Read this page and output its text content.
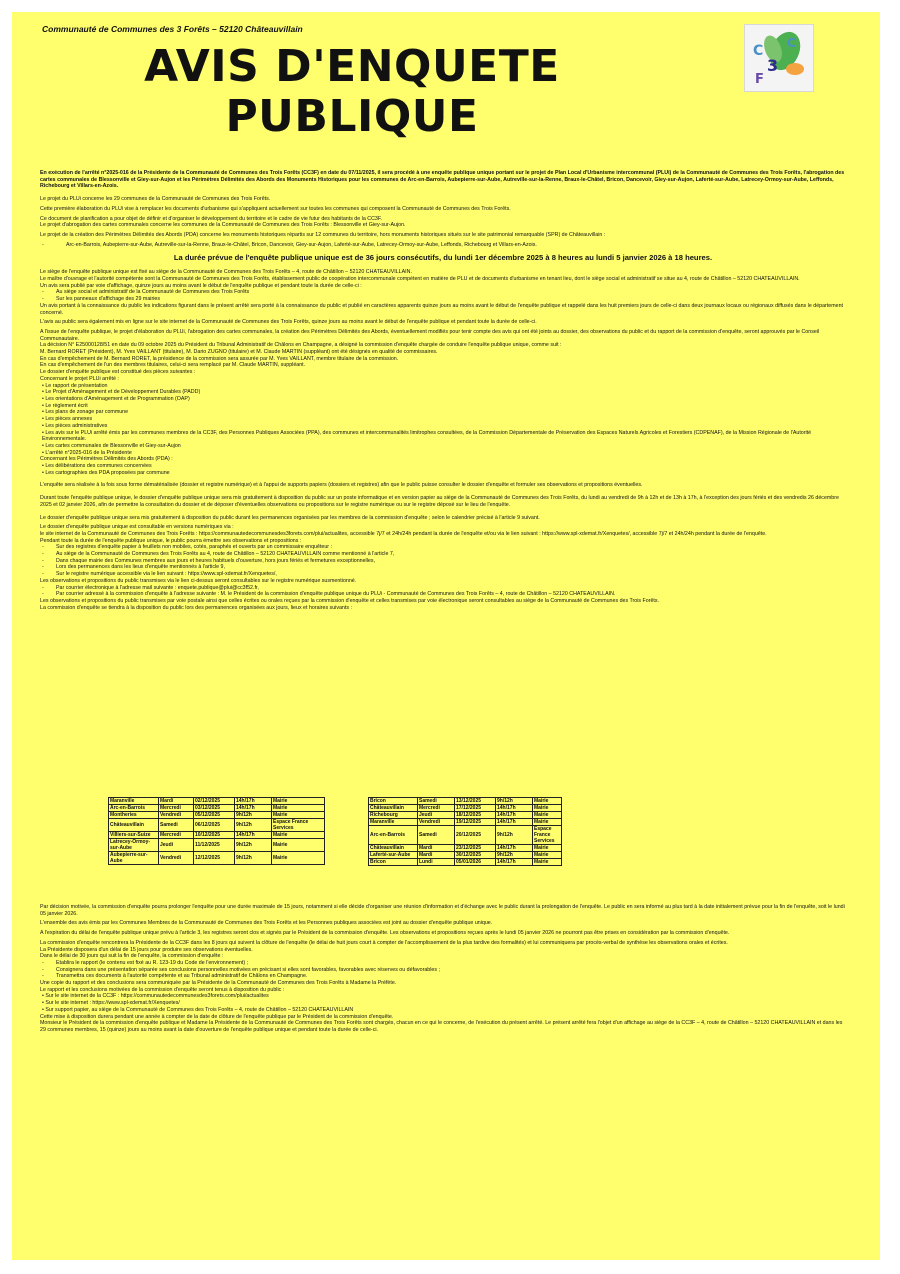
Communauté de Communes des 3 Forêts – 52120 Châteauvillain
AVIS D'ENQUETE
PUBLIQUE
C
3
C
F

En exécution de l'arrêté n°2025-016 de la Présidente de la Communauté de Communes des Trois Forêts (CC3F) en date du 07/11/2025, il sera procédé à une enquête publique unique portant sur le projet de Plan Local d'Urbanisme intercommunal (PLUi) de la Communauté de Communes des Trois Forêts, l'abrogation des cartes communales de Blessonville et Giey-sur-Aujon et les Périmètres Délimités des Abords des Monuments Historiques pour les communes de Arc-en-Barrois, Aubepierre-sur-Aube, Autreville-sur-la-Renne, Braux-le-Châtel, Bricon, Dancevoir, Giey-sur-Aujon, Laferté-sur-Aube, Latrecey-Ormoy-sur-Aube, Leffonds, Richebourg et Villars-en-Azois.

Le projet du PLUi concerne les 29 communes de la Communauté de Communes des Trois Forêts.

Cette première élaboration du PLUi vise à remplacer les documents d'urbanisme qui s'appliquent actuellement sur toutes les communes qui composent la Communauté de Communes des Trois Forêts.

Ce document de planification a pour objet de définir et d'organiser le développement du territoire et le cadre de vie futur des habitants de la CC3F.

Le projet d'abrogation des cartes communales concerne les communes de la Communauté de Communes des Trois Forêts : Blessonville et Giey-sur-Aujon.

Le projet de la création des Périmètres Délimités des Abords (PDA) concerne les monuments historiques répartis sur 12 communes du territoire, hors monuments historiques situés sur le site patrimonial remarquable (SPR) de Châteauvillain :

- Arc-en-Barrois, Aubepierre-sur-Aube, Autreville-sur-la-Renne, Braux-le-Châtel, Bricon, Dancevoir, Giey-sur-Aujon, Laferté-sur-Aube, Latrecey-Ormoy-sur-Aube, Leffonds, Richebourg et Villars-en-Azois.

La durée prévue de l'enquête publique unique est de 36 jours consécutifs, du lundi 1er décembre 2025 à 8 heures au lundi 5 janvier 2026 à 18 heures.

Le siège de l'enquête publique unique est fixé au siège de la Communauté de Communes des Trois Forêts – 4, route de Châtillon – 52120 CHATEAUVILLAIN.

Le maître d'ouvrage et l'autorité compétente sont la Communauté de Communes des Trois Forêts, établissement public de coopération intercommunale compétent en matière de PLU et de documents d'urbanisme en tenant lieu, dont le siège social et administratif se situe au 4, route de Châtillon – 52120 CHATEAUVILLAIN.

Un avis sera publié par voie d'affichage, quinze jours au moins avant le début de l'enquête publique et pendant toute la durée de celle-ci :

- Au siège social et administratif de la Communauté de Communes des Trois Forêts
- Sur les panneaux d'affichage des 29 mairies

Un avis portant à la connaissance du public les indications figurant dans le présent arrêté sera porté à la connaissance du public et publié en caractères apparents quinze jours au moins avant le début de l'enquête publique et rappelé dans les huit premiers jours de celle-ci dans deux journaux locaux ou régionaux diffusés dans le département concerné.

L'avis au public sera également mis en ligne sur le site internet de la Communauté de Communes des Trois Forêts, quinze jours au moins avant le début de l'enquête publique et pendant toute la durée de celle-ci.

A l'issue de l'enquête publique, le projet d'élaboration du PLUi, l'abrogation des cartes communales, la création des Périmètres Délimités des Abords, éventuellement modifiés pour tenir compte des avis qui ont été joints au dossier, des observations du public et du rapport de la commission d'enquête, seront approuvés par le Conseil Communautaire.

La décision N° E25000128/51 en date du 09 octobre 2025 du Président du Tribunal Administratif de Châlons en Champagne, a désigné la commission d'enquête chargée de conduire l'enquête publique unique, comme suit :

M. Bernard RORET (Président), M. Yves VAILLANT (titulaire), M. Dario ZUGNO (titulaire) et M. Claude MARTIN (suppléant) ont été désignés en qualité de commissaires.

En cas d'empêchement de M. Bernard RORET, la présidence de la commission sera assurée par M. Yves VAILLANT, membre titulaire de la commission.

En cas d'empêchement de l'un des membres titulaires, celui-ci sera remplacé par M. Claude MARTIN, suppléant.

Le dossier d'enquête publique est constitué des pièces suivantes :

Concernant le projet PLUi arrêté :

• Le rapport de présentation
• Le Projet d'Aménagement et de Développement Durables (PADD)
• Les orientations d'Aménagement et de Programmation (OAP)
• Le règlement écrit
• Les plans de zonage par commune
• Les pièces annexes
• Les pièces administratives
• Les avis sur le PLUi arrêté émis par les communes membres de la CC3F, des Personnes Publiques Associées (PPA), des communes et intercommunalités limitrophes consultées, de la Commission Départementale de Préservation des Espaces Naturels Agricoles et Forestiers (CDPENAF), de la Mission Régionale de l'Autorité Environnementale.
• Les cartes communales de Blessonville et Giey-sur-Aujon
• L'arrêté n°2025-016 de la Présidente

Concernant les Périmètres Délimités des Abords (PDA) :

• Les délibérations des communes concernées
• Les cartographies des PDA proposées par commune

L'enquête sera réalisée à la fois sous forme dématérialisée (dossier et registre numérique) et à l'appui de supports papiers (dossiers et registres) afin que le public puisse consulter le dossier d'enquête et formuler ses observations et propositions éventuelles.

Durant toute l'enquête publique unique, le dossier d'enquête publique unique sera mis gratuitement à disposition du public sur un poste informatique et en version papier au siège de la Communauté de Communes des Trois Forêts, du lundi au vendredi de 9h à 12h et de 13h à 17h, à l'exception des jours fériés et des vendredis 26 décembre 2025 et 02 janvier 2026, afin de permettre la consultation du dossier et de déposer d'éventuelles observations ou propositions sur le registre numérique ou sur le registre déposé sur le lieu de l'enquête.

Le dossier d'enquête publique unique sera mis gratuitement à disposition du public durant les permanences organisées par les membres de la commission d'enquête ; selon le calendrier précisé à l'article 9 suivant.

Le dossier d'enquête publique unique est consultable en versions numériques via :

le site internet de la Communauté de Communes des Trois Forêts : https://communautedecommunesdes3forets.com/plui/actualites, accessible 7j/7 et 24h/24h pendant la durée de l'enquête et/ou via le lien suivant : https://www.spl-xdemat.fr/Xenquetes/, accessible 7j/7 et 24h/24h pendant la durée de l'enquête.

Pendant toute la durée de l'enquête publique unique, le public pourra émettre ses observations et propositions :

- Sur des registres d'enquête papier à feuillets non mobiles, cotés, paraphés et ouverts par un commissaire enquêteur :
- Au siège de la Communauté de Communes des Trois Forêts au 4, route de Châtillon – 52120 CHATEAUVILLAIN comme mentionné à l'article 7,
- Dans chaque mairie des Communes membres aux jours et heures habituels d'ouverture, hors jours fériés et fermetures exceptionnelles,
- Lors des permanences dans les lieux d'enquête mentionnés à l'article 9,
- Sur le registre numérique accessible via le lien suivant : https://www.spl-xdemat.fr/Xenquetes/,

Les observations et propositions du public transmises via le lien ci-dessus seront consultables sur le registre numérique susmentionné.

- Par courrier électronique à l'adresse mail suivante : enquete.publique@plui@cc3f52.fr,
- Par courrier adressé à la commission d'enquête à l'adresse suivante : M. le Président de la commission d'enquête publique unique du PLUi - Communauté de Communes des Trois Forêts – 4, route de Châtillon – 52120 CHATEAUVILLAIN.

Les observations et propositions du public transmises par voie postale ainsi que celles écrites ou orales reçues par la commission d'enquête et celles transmises par voie électronique seront consultables au siège de la Communauté de Communes des Trois Forêts.

La commission d'enquête se tiendra à la disposition du public lors des permanences organisées aux jours, lieux et horaires suivants :

Maranville	Mardi	02/12/2025	14h/17h	Mairie
Arc-en-Barrois	Mercredi	03/12/2025	14h/17h	Mairie
Montheries	Vendredi	05/12/2025	9h/12h	Mairie
Châteauvillain	Samedi	06/12/2025	9h/12h	Espace France Services
Villiers-sur-Suize	Mercredi	10/12/2025	14h/17h	Mairie
Latrecey-Ormoy-sur-Aube	Jeudi	11/12/2025	9h/12h	Mairie
Aubepierre-sur-Aube	Vendredi	12/12/2025	9h/12h	Mairie
Bricon	Samedi	13/12/2025	9h/12h	Mairie
Châteauvillain	Mercredi	17/12/2025	14h/17h	Mairie
Richebourg	Jeudi	18/12/2025	14h/17h	Mairie
Maranville	Vendredi	19/12/2025	14h/17h	Mairie
Arc-en-Barrois	Samedi	20/12/2025	9h/12h	Espace France Services
Châteauvillain	Mardi	23/12/2025	14h/17h	Mairie
Laferté-sur-Aube	Mardi	30/12/2025	9h/12h	Mairie
Bricon	Lundi	05/01/2026	14h/17h	Mairie

Par décision motivée, la commission d'enquête pourra prolonger l'enquête pour une durée maximale de 15 jours, notamment si elle décide d'organiser une réunion d'information et d'échange avec le public durant la prolongation de l'enquête. Le public en sera informé au plus tard à la date initialement prévue pour la fin de l'enquête, soit le lundi 05 janvier 2026.

L'ensemble des avis émis par les Communes Membres de la Communauté de Communes des Trois Forêts et les Personnes publiques associées est joint au dossier d'enquête publique unique.

A l'expiration du délai de l'enquête publique unique prévu à l'article 3, les registres seront clos et signés par le Président de la commission d'enquête. Les observations et propositions reçues après le lundi 05 janvier 2026 ne pourront pas être prises en considération par la commission d'enquête.

La commission d'enquête rencontrera la Présidente de la CC3F dans les 8 jours qui suivent la clôture de l'enquête (le délai de huit jours court à compter de l'accomplissement de la plus tardive des formalités) et lui communiquera par procès-verbal de synthèse les observations orales et écrites.

La Présidente disposera d'un délai de 15 jours pour produire ses observations éventuelles.

Dans le délai de 30 jours qui suit la fin de l'enquête, la commission d'enquête :

- Etablira le rapport (le contenu est fixé au R. 123-19 du Code de l'environnement) ;
- Consignera dans une présentation séparée ses conclusions personnelles motivées en précisant si elles sont favorables, favorables avec réserves ou défavorables ;
- Transmettra ces documents à l'autorité compétente et au Tribunal administratif de Châlons en Champagne.

Une copie du rapport et des conclusions sera communiquée par la Présidente de la Communauté de Communes des Trois Forêts à Madame la Préfète.

Le rapport et les conclusions motivées de la commission d'enquête seront tenus à disposition du public :

• Sur le site internet de la CC3F : https://communautedecommunesdes3forets.com/plui/actualites
• Sur le site internet : https://www.spl-xdemat.fr/Xenquetes/
• Sur support papier, au siège de la Communauté de Communes des Trois Forêts – 4, route de Châtillon – 52120 CHATEAUVILLAIN

Cette mise à disposition durera pendant une année à compter de la date de clôture de l'enquête publique par le Président de la commission d'enquête.

Monsieur le Président de la commission d'enquête publique et Madame la Présidente de la Communauté de Communes des Trois Forêts sont chargés, chacun en ce qui le concerne, de l'exécution du présent arrêté. Le présent arrêté fera l'objet d'un affichage au siège de la CC3F – 4, route de Châtillon – 52120 CHATEAUVILLAIN et dans les 29 communes membres, 15 (quinze) jours au moins avant la date d'ouverture de l'enquête publique unique et pendant toute la durée de celle-ci.
